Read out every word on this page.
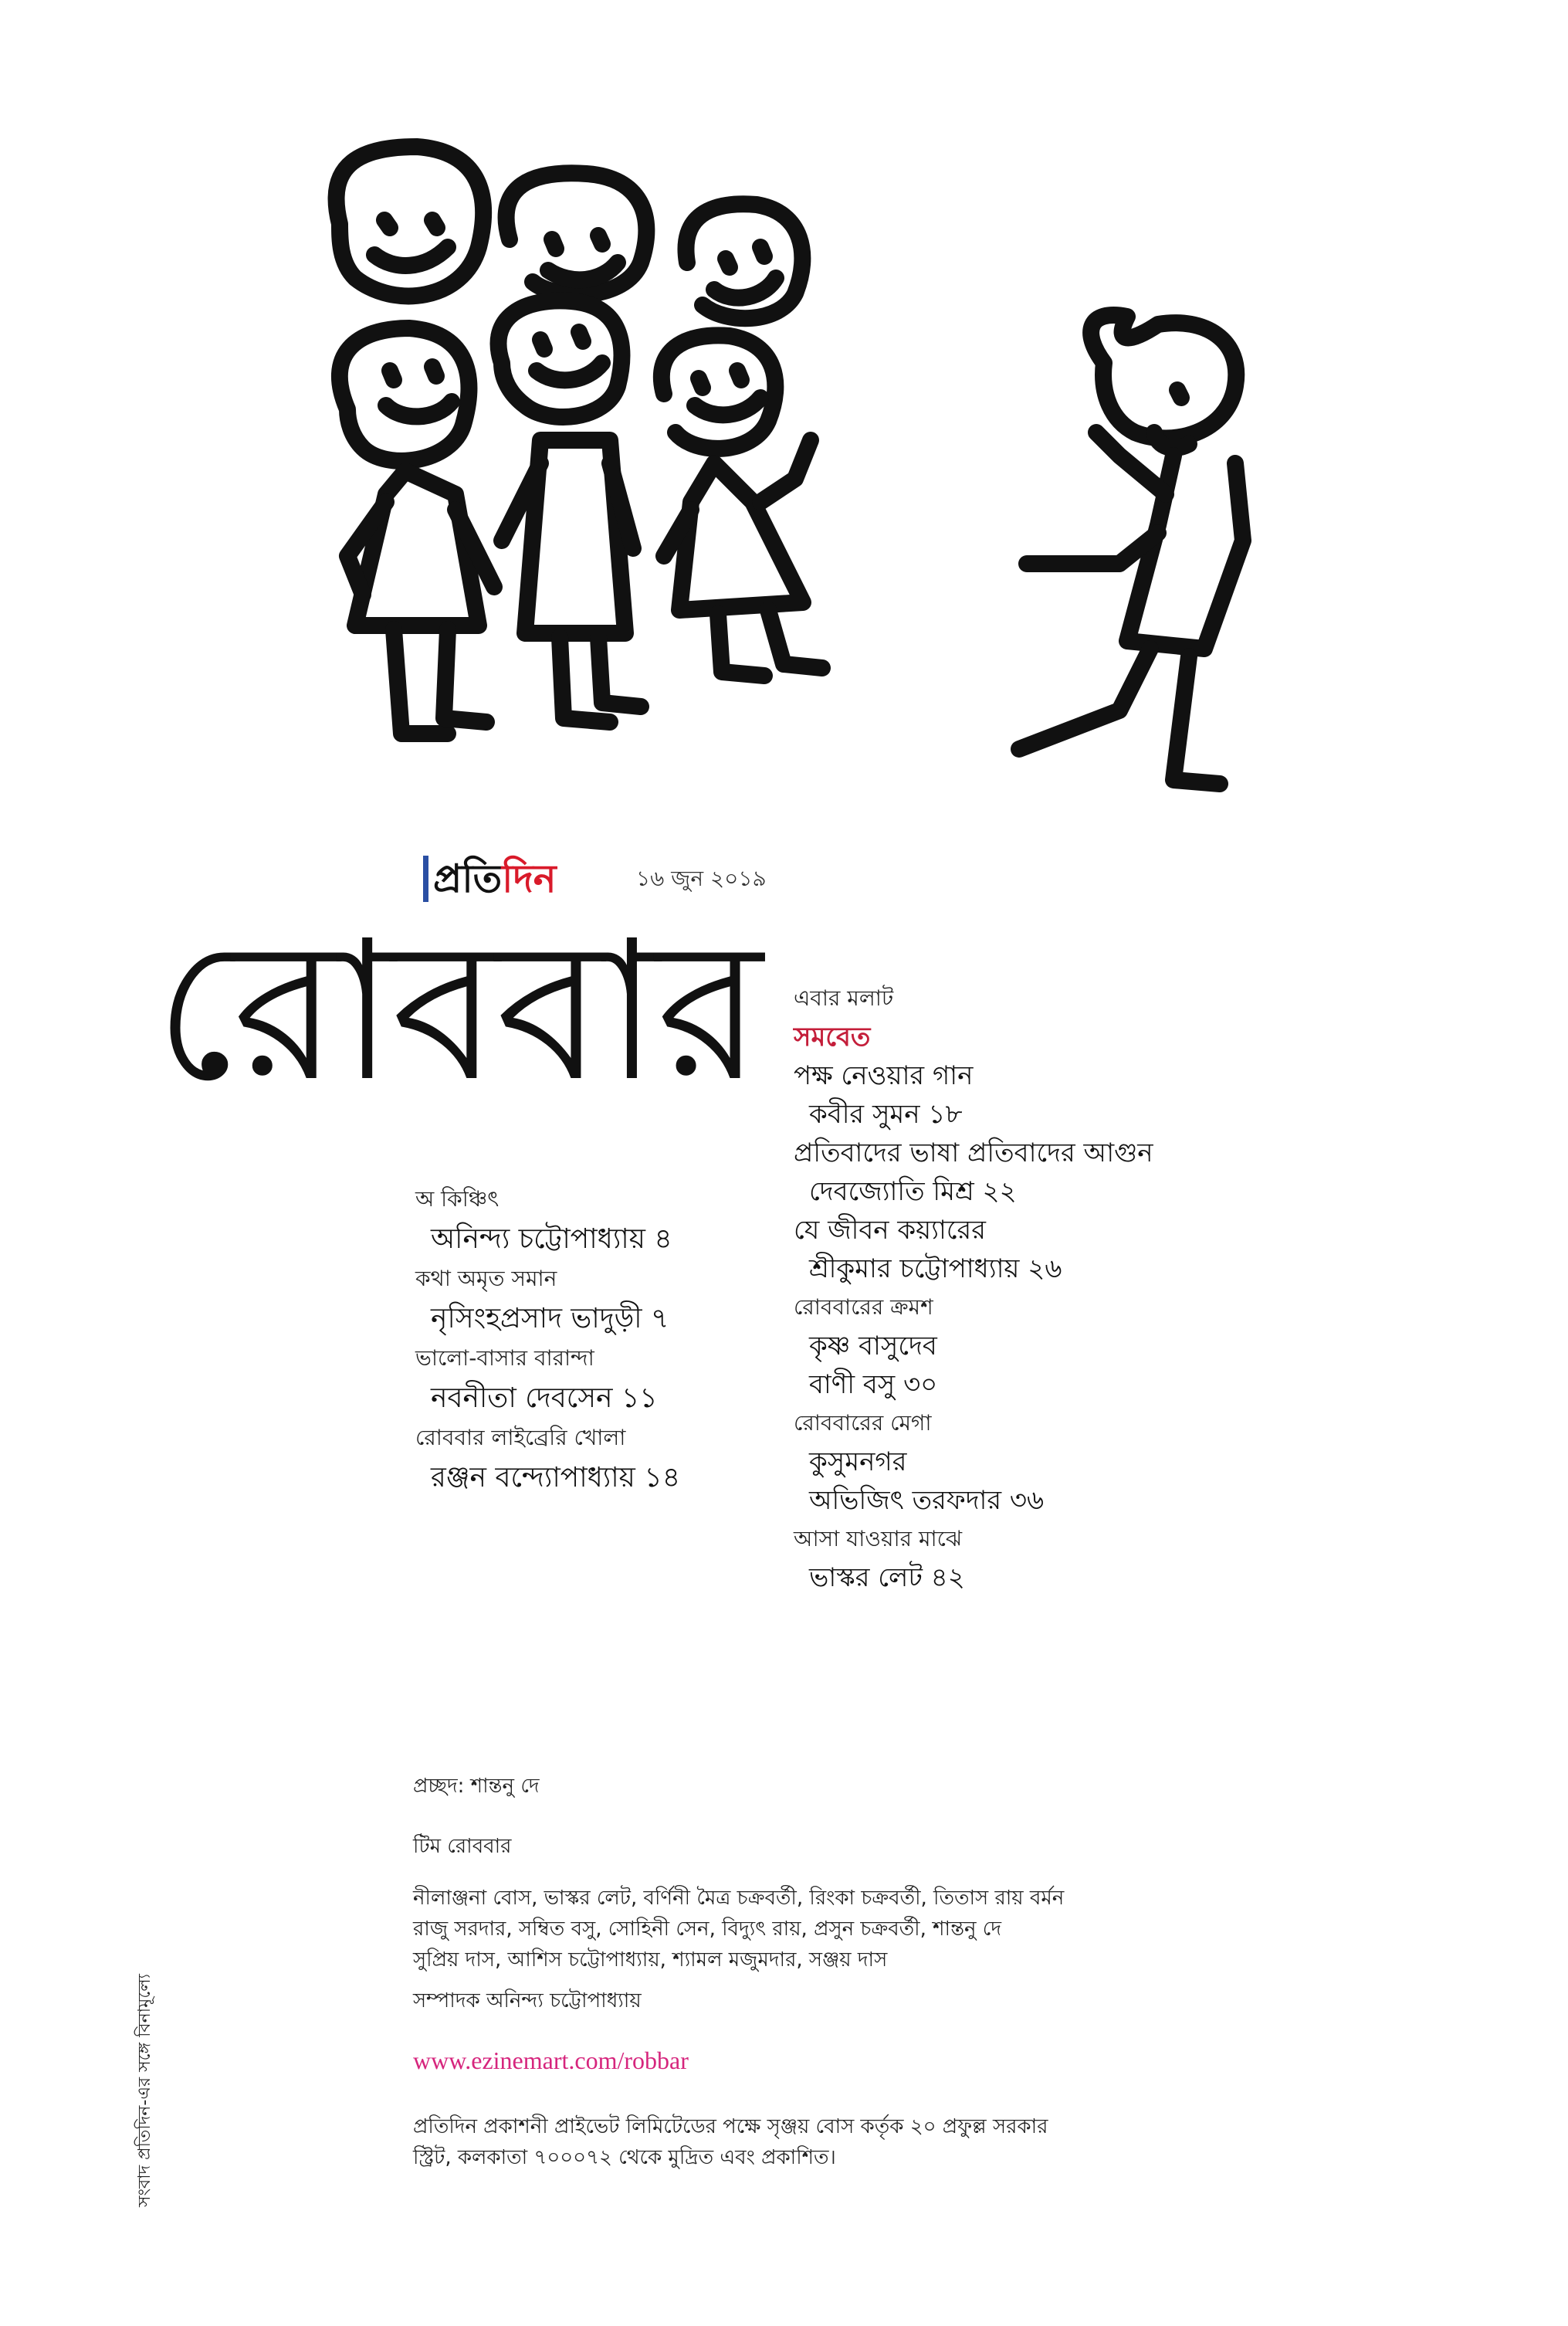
প্রতি দিন	১৬ জুন ২০১৯
রোববার এবার মলাট
সমবেত
পক্ষ নেওয়ার গান
কবীর সুমন ১৮
প্রতিবাদের ভাষা প্রতিবাদের আগুন
দেবজ্যোতি মিশ্র ২২
যে জীবন কয়্যারের
শ্রীকুমার চট্টোপাধ্যায় ২৬
রোববারের ক্রমশ
কৃষ্ণ বাসুদেব
বাণী বসু ৩০
রোববারের মেগা
কুসুমনগর
অভিজিৎ তরফদার ৩৬
আসা যাওয়ার মাঝে
ভাস্কর লেট ৪২
অ কিঞ্চিৎ
অনিন্দ্য চট্টোপাধ্যায় ৪
কথা অমৃত সমান
নৃসিংহপ্রসাদ ভাদুড়ী ৭
ভালো-বাসার বারান্দা
নবনীতা দেবসেন ১১
রোববার লাইব্রেরি খোলা
রঞ্জন বন্দ্যোপাধ্যায় ১৪
প্রচ্ছদ: শান্তনু দে
টিম রোববার
নীলাঞ্জনা বোস, ভাস্কর লেট, বর্ণিনী মৈত্র চক্রবর্তী, রিংকা চক্রবর্তী, তিতাস রায় বর্মন
রাজু সরদার, সম্বিত বসু, সোহিনী সেন, বিদ্যুৎ রায়, প্রসুন চক্রবর্তী, শান্তনু দে
সুপ্রিয় দাস, আশিস চট্টোপাধ্যায়, শ্যামল মজুমদার, সঞ্জয় দাস
সম্পাদক অনিন্দ্য চট্টোপাধ্যায়
www.ezinemart.com/robbar
প্রতিদিন প্রকাশনী প্রাইভেট লিমিটেডের পক্ষে সৃঞ্জয় বোস কর্তৃক ২০ প্রফুল্ল সরকার
স্ট্রিট, কলকাতা ৭০০০৭২ থেকে মুদ্রিত এবং প্রকাশিত।
সংবাদ প্রতিদিন-এর সঙ্গে বিনামূল্যে
